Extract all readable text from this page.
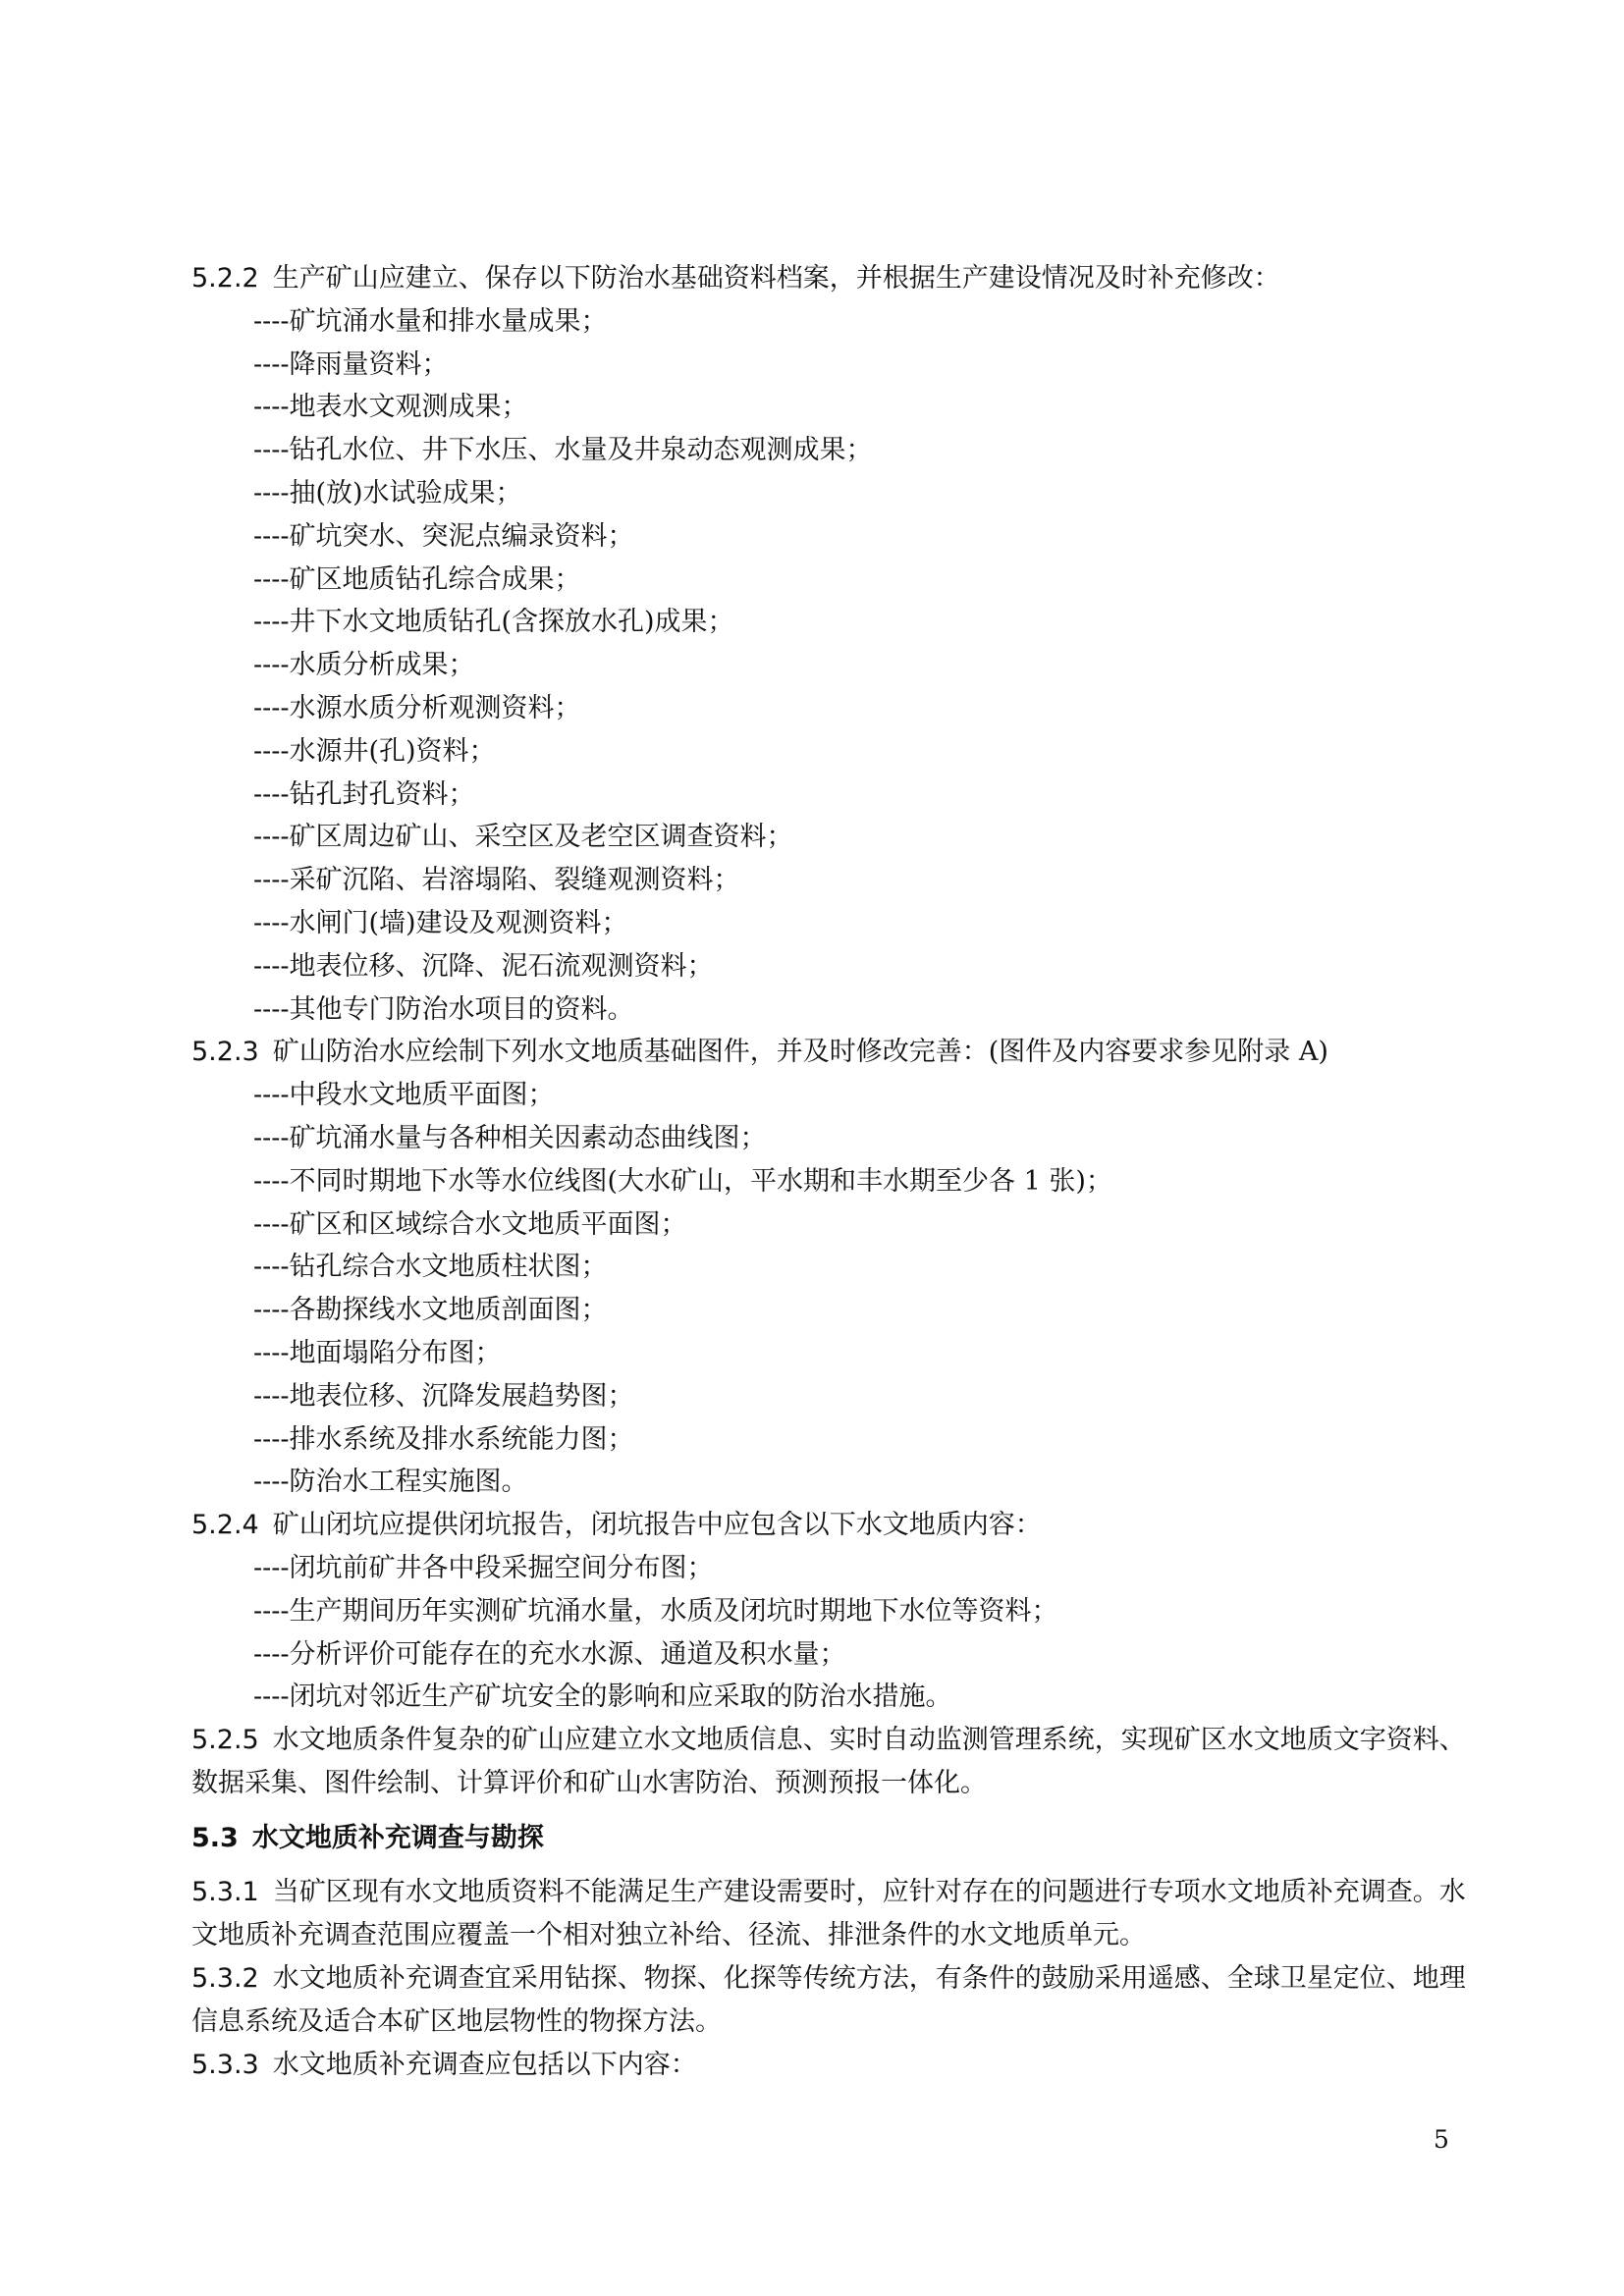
5.2.2 生产矿山应建立、保存以下防治水基础资料档案，并根据生产建设情况及时补充修改：

----矿坑涌水量和排水量成果；

----降雨量资料；

----地表水文观测成果；

----钻孔水位、井下水压、水量及井泉动态观测成果；

----抽(放)水试验成果；

----矿坑突水、突泥点编录资料；

----矿区地质钻孔综合成果；

----井下水文地质钻孔(含探放水孔)成果；

----水质分析成果；

----水源水质分析观测资料；

----水源井(孔)资料；

----钻孔封孔资料；

----矿区周边矿山、采空区及老空区调查资料；

----采矿沉陷、岩溶塌陷、裂缝观测资料；

----水闸门(墙)建设及观测资料；

----地表位移、沉降、泥石流观测资料；

----其他专门防治水项目的资料。

5.2.3 矿山防治水应绘制下列水文地质基础图件，并及时修改完善：(图件及内容要求参见附录 A)

----中段水文地质平面图；

----矿坑涌水量与各种相关因素动态曲线图；

----不同时期地下水等水位线图(大水矿山，平水期和丰水期至少各 1 张)；

----矿区和区域综合水文地质平面图；

----钻孔综合水文地质柱状图；

----各勘探线水文地质剖面图；

----地面塌陷分布图；

----地表位移、沉降发展趋势图；

----排水系统及排水系统能力图；

----防治水工程实施图。

5.2.4 矿山闭坑应提供闭坑报告，闭坑报告中应包含以下水文地质内容：

----闭坑前矿井各中段采掘空间分布图；

----生产期间历年实测矿坑涌水量，水质及闭坑时期地下水位等资料；

----分析评价可能存在的充水水源、通道及积水量；

----闭坑对邻近生产矿坑安全的影响和应采取的防治水措施。

5.2.5 水文地质条件复杂的矿山应建立水文地质信息、实时自动监测管理系统，实现矿区水文地质文字资料、数据采集、图件绘制、计算评价和矿山水害防治、预测预报一体化。

5.3 水文地质补充调查与勘探

5.3.1 当矿区现有水文地质资料不能满足生产建设需要时，应针对存在的问题进行专项水文地质补充调查。水文地质补充调查范围应覆盖一个相对独立补给、径流、排泄条件的水文地质单元。

5.3.2 水文地质补充调查宜采用钻探、物探、化探等传统方法，有条件的鼓励采用遥感、全球卫星定位、地理信息系统及适合本矿区地层物性的物探方法。

5.3.3 水文地质补充调查应包括以下内容：

5
